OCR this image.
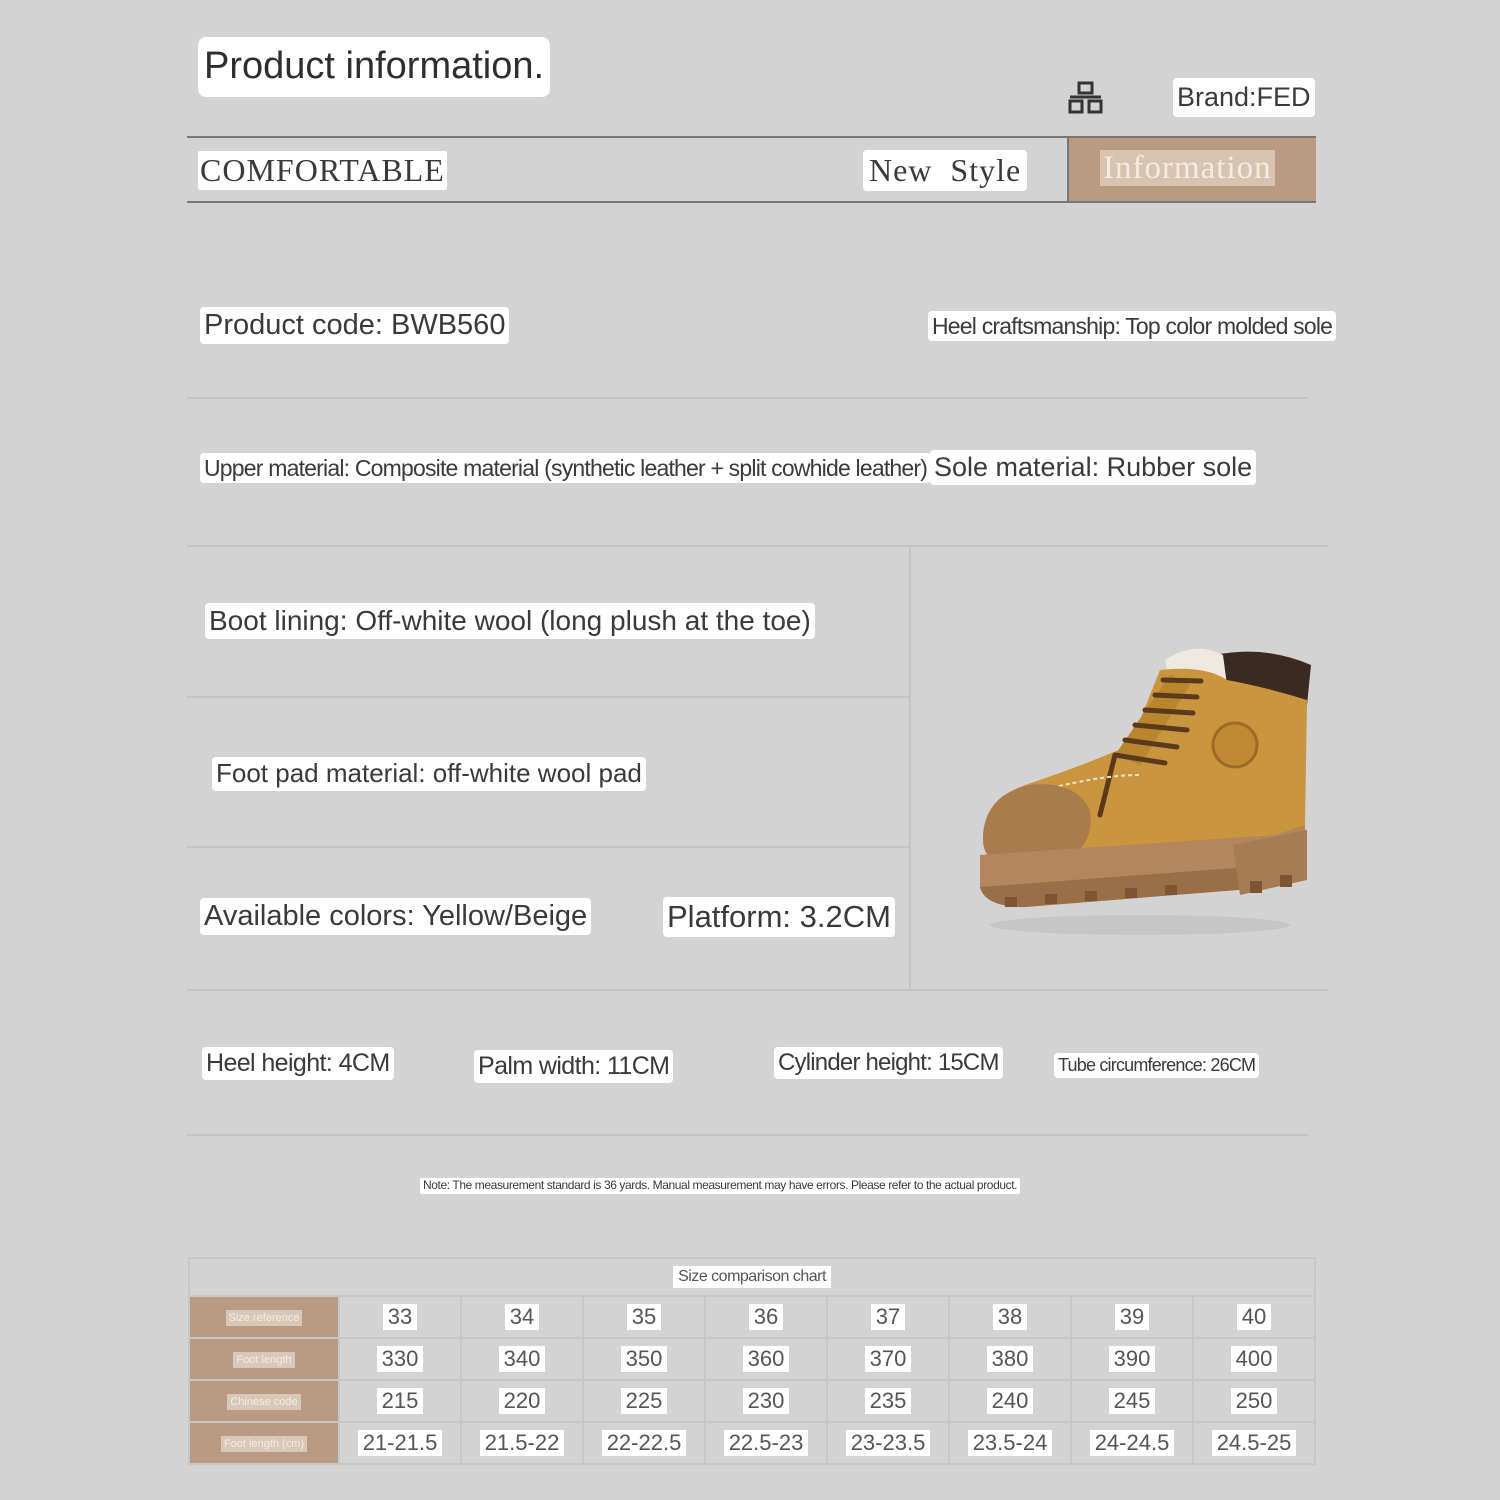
Product information.
Brand:FED
COMFORTABLE	New  Style Information
Product code: BWB560	Heel craftsmanship: Top color molded sole
Upper material: Composite material (synthetic leather + split cowhide leather) Sole material: Rubber sole
Boot lining: Off-white wool (long plush at the toe)
Foot pad material: off-white wool pad
Available colors: Yellow/Beige	Platform: 3.2CM
Heel height: 4CM	Palm width: 11CM	Cylinder height: 15CM	Tube circumference: 26CM
Note: The measurement standard is 36 yards. Manual measurement may have errors. Please refer to the actual product.
Size comparison chart								
Size reference	33	34	35	36	37	38	39	40
Foot length	330	340	350	360	370	380	390	400
Chinese code	215	220	225	230	235	240	245	250
Foot length (cm)	21-21.5	21.5-22	22-22.5	22.5-23	23-23.5	23.5-24	24-24.5	24.5-25
